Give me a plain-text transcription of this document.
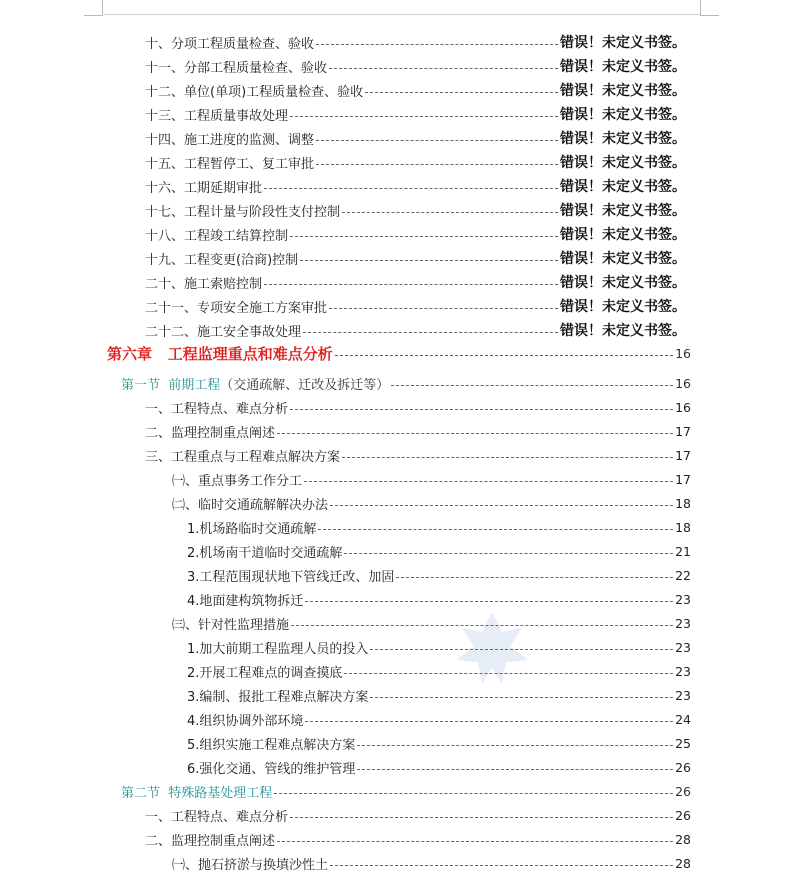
十、分项工程质量检查、验收	错误！未定义书签。
十一、分部工程质量检查、验收	错误！未定义书签。
十二、单位(单项)工程质量检查、验收	错误！未定义书签。
十三、工程质量事故处理	错误！未定义书签。
十四、施工进度的监测、调整	错误！未定义书签。
十五、工程暂停工、复工审批	错误！未定义书签。
十六、工期延期审批	错误！未定义书签。
十七、工程计量与阶段性支付控制	错误！未定义书签。
十八、工程竣工结算控制	错误！未定义书签。
十九、工程变更(洽商)控制	错误！未定义书签。
二十、施工索赔控制	错误！未定义书签。
二十一、专项安全施工方案审批	错误！未定义书签。
二十二、施工安全事故处理	错误！未定义书签。
第六章 工程监理重点和难点分析	16
第一节 前期工程（交通疏解、迁改及拆迁等）	16
一、工程特点、难点分析	16
二、监理控制重点阐述	17
三、工程重点与工程难点解决方案	17
㈠、重点事务工作分工	17
㈡、临时交通疏解解决办法	18
1.机场路临时交通疏解	18
2.机场南干道临时交通疏解	21
3.工程范围现状地下管线迁改、加固	22
4.地面建构筑物拆迁	23
㈢、针对性监理措施	23
1.加大前期工程监理人员的投入	23
2.开展工程难点的调查摸底	23
3.编制、报批工程难点解决方案	23
4.组织协调外部环境	24
5.组织实施工程难点解决方案	25
6.强化交通、管线的维护管理	26
第二节 特殊路基处理工程	26
一、工程特点、难点分析	26
二、监理控制重点阐述	28
㈠、抛石挤淤与换填沙性土	28
